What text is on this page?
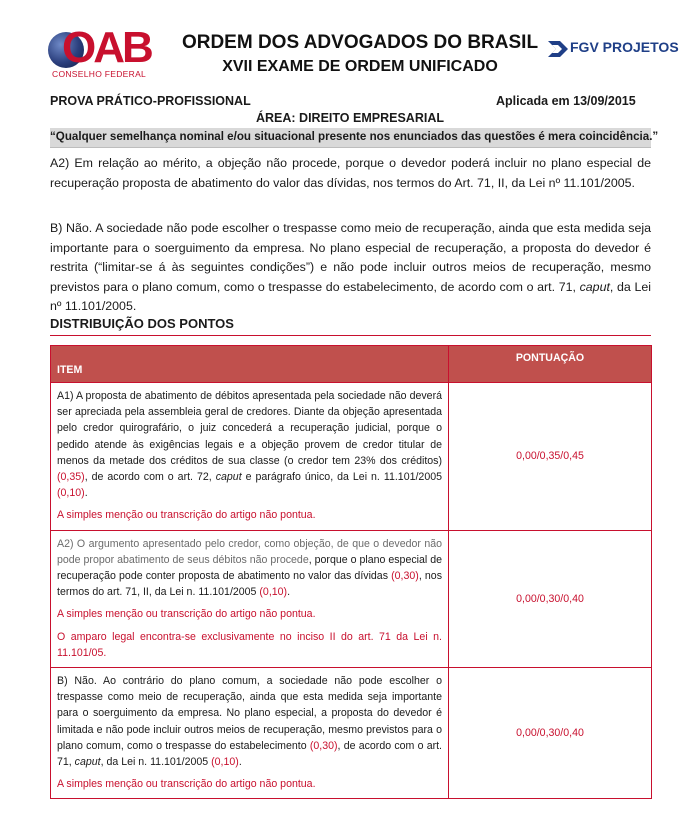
OAB
CONSELHO FEDERAL
ORDEM DOS ADVOGADOS DO BRASIL
XVII EXAME DE ORDEM UNIFICADO
FGV PROJETOS
PROVA PRÁTICO-PROFISSIONAL	Aplicada em 13/09/2015
ÁREA: DIREITO EMPRESARIAL
“Qualquer semelhança nominal e/ou situacional presente nos enunciados das questões é mera coincidência.”
A2) Em relação ao mérito, a objeção não procede, porque o devedor poderá incluir no plano especial de recuperação proposta de abatimento do valor das dívidas, nos termos do Art. 71, II, da Lei nº 11.101/2005.
B) Não. A sociedade não pode escolher o trespasse como meio de recuperação, ainda que esta medida seja importante para o soerguimento da empresa. No plano especial de recuperação, a proposta do devedor é restrita (“limitar-se á às seguintes condições”) e não pode incluir outros meios de recuperação, mesmo previstos para o plano comum, como o trespasse do estabelecimento, de acordo com o art. 71, caput, da Lei nº 11.101/2005.
DISTRIBUIÇÃO DOS PONTOS
ITEM	PONTUAÇÃO

A1) A proposta de abatimento de débitos apresentada pela sociedade não deverá ser apreciada pela assembleia geral de credores. Diante da objeção apresentada pelo credor quirografário, o juiz concederá a recuperação judicial, porque o pedido atende às exigências legais e a objeção provem de credor titular de menos da metade dos créditos de sua classe (o credor tem 23% dos créditos) (0,35), de acordo com o art. 72, caput e parágrafo único, da Lei n. 11.101/2005 (0,10).

A simples menção ou transcrição do artigo não pontua.	0,00/0,35/0,45

A2) O argumento apresentado pelo credor, como objeção, de que o devedor não pode propor abatimento de seus débitos não procede, porque o plano especial de recuperação pode conter proposta de abatimento no valor das dívidas (0,30), nos termos do art. 71, II, da Lei n. 11.101/2005 (0,10).

A simples menção ou transcrição do artigo não pontua.

O amparo legal encontra-se exclusivamente no inciso II do art. 71 da Lei n. 11.101/05.	0,00/0,30/0,40

B) Não. Ao contrário do plano comum, a sociedade não pode escolher o trespasse como meio de recuperação, ainda que esta medida seja importante para o soerguimento da empresa. No plano especial, a proposta do devedor é limitada e não pode incluir outros meios de recuperação, mesmo previstos para o plano comum, como o trespasse do estabelecimento (0,30), de acordo com o art. 71, caput, da Lei n. 11.101/2005 (0,10).

A simples menção ou transcrição do artigo não pontua.	0,00/0,30/0,40
